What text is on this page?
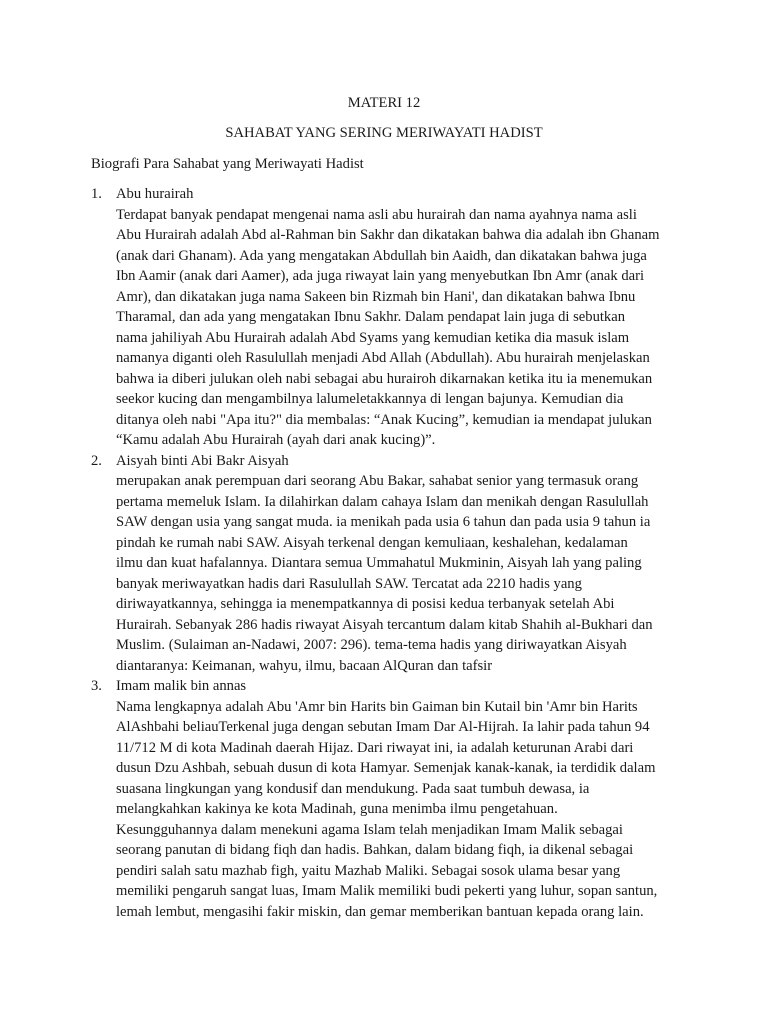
MATERI 12

SAHABAT YANG SERING MERIWAYATI HADIST

Biografi Para Sahabat yang Meriwayati Hadist

1. Abu hurairah
Terdapat banyak pendapat mengenai nama asli abu hurairah dan nama ayahnya nama asli
Abu Hurairah adalah Abd al-Rahman bin Sakhr dan dikatakan bahwa dia adalah ibn Ghanam
(anak dari Ghanam). Ada yang mengatakan Abdullah bin Aaidh, dan dikatakan bahwa juga
Ibn Aamir (anak dari Aamer), ada juga riwayat lain yang menyebutkan Ibn Amr (anak dari
Amr), dan dikatakan juga nama Sakeen bin Rizmah bin Hani', dan dikatakan bahwa Ibnu
Tharamal, dan ada yang mengatakan Ibnu Sakhr. Dalam pendapat lain juga di sebutkan
nama jahiliyah Abu Hurairah adalah Abd Syams yang kemudian ketika dia masuk islam
namanya diganti oleh Rasulullah menjadi Abd Allah (Abdullah). Abu hurairah menjelaskan
bahwa ia diberi julukan oleh nabi sebagai abu hurairoh dikarnakan ketika itu ia menemukan
seekor kucing dan mengambilnya lalumeletakkannya di lengan bajunya. Kemudian dia
ditanya oleh nabi "Apa itu?" dia membalas: “Anak Kucing”, kemudian ia mendapat julukan
“Kamu adalah Abu Hurairah (ayah dari anak kucing)”.
2. Aisyah binti Abi Bakr Aisyah
merupakan anak perempuan dari seorang Abu Bakar, sahabat senior yang termasuk orang
pertama memeluk Islam. Ia dilahirkan dalam cahaya Islam dan menikah dengan Rasulullah
SAW dengan usia yang sangat muda. ia menikah pada usia 6 tahun dan pada usia 9 tahun ia
pindah ke rumah nabi SAW. Aisyah terkenal dengan kemuliaan, keshalehan, kedalaman
ilmu dan kuat hafalannya. Diantara semua Ummahatul Mukminin, Aisyah lah yang paling
banyak meriwayatkan hadis dari Rasulullah SAW. Tercatat ada 2210 hadis yang
diriwayatkannya, sehingga ia menempatkannya di posisi kedua terbanyak setelah Abi
Hurairah. Sebanyak 286 hadis riwayat Aisyah tercantum dalam kitab Shahih al-Bukhari dan
Muslim. (Sulaiman an-Nadawi, 2007: 296). tema-tema hadis yang diriwayatkan Aisyah
diantaranya: Keimanan, wahyu, ilmu, bacaan AlQuran dan tafsir
3. Imam malik bin annas
Nama lengkapnya adalah Abu 'Amr bin Harits bin Gaiman bin Kutail bin 'Amr bin Harits
AlAshbahi beliauTerkenal juga dengan sebutan Imam Dar Al-Hijrah. Ia lahir pada tahun 94
11/712 M di kota Madinah daerah Hijaz. Dari riwayat ini, ia adalah keturunan Arabi dari
dusun Dzu Ashbah, sebuah dusun di kota Hamyar. Semenjak kanak-kanak, ia terdidik dalam
suasana lingkungan yang kondusif dan mendukung. Pada saat tumbuh dewasa, ia
melangkahkan kakinya ke kota Madinah, guna menimba ilmu pengetahuan.
Kesungguhannya dalam menekuni agama Islam telah menjadikan Imam Malik sebagai
seorang panutan di bidang fiqh dan hadis. Bahkan, dalam bidang fiqh, ia dikenal sebagai
pendiri salah satu mazhab figh, yaitu Mazhab Maliki. Sebagai sosok ulama besar yang
memiliki pengaruh sangat luas, Imam Malik memiliki budi pekerti yang luhur, sopan santun,
lemah lembut, mengasihi fakir miskin, dan gemar memberikan bantuan kepada orang lain.
